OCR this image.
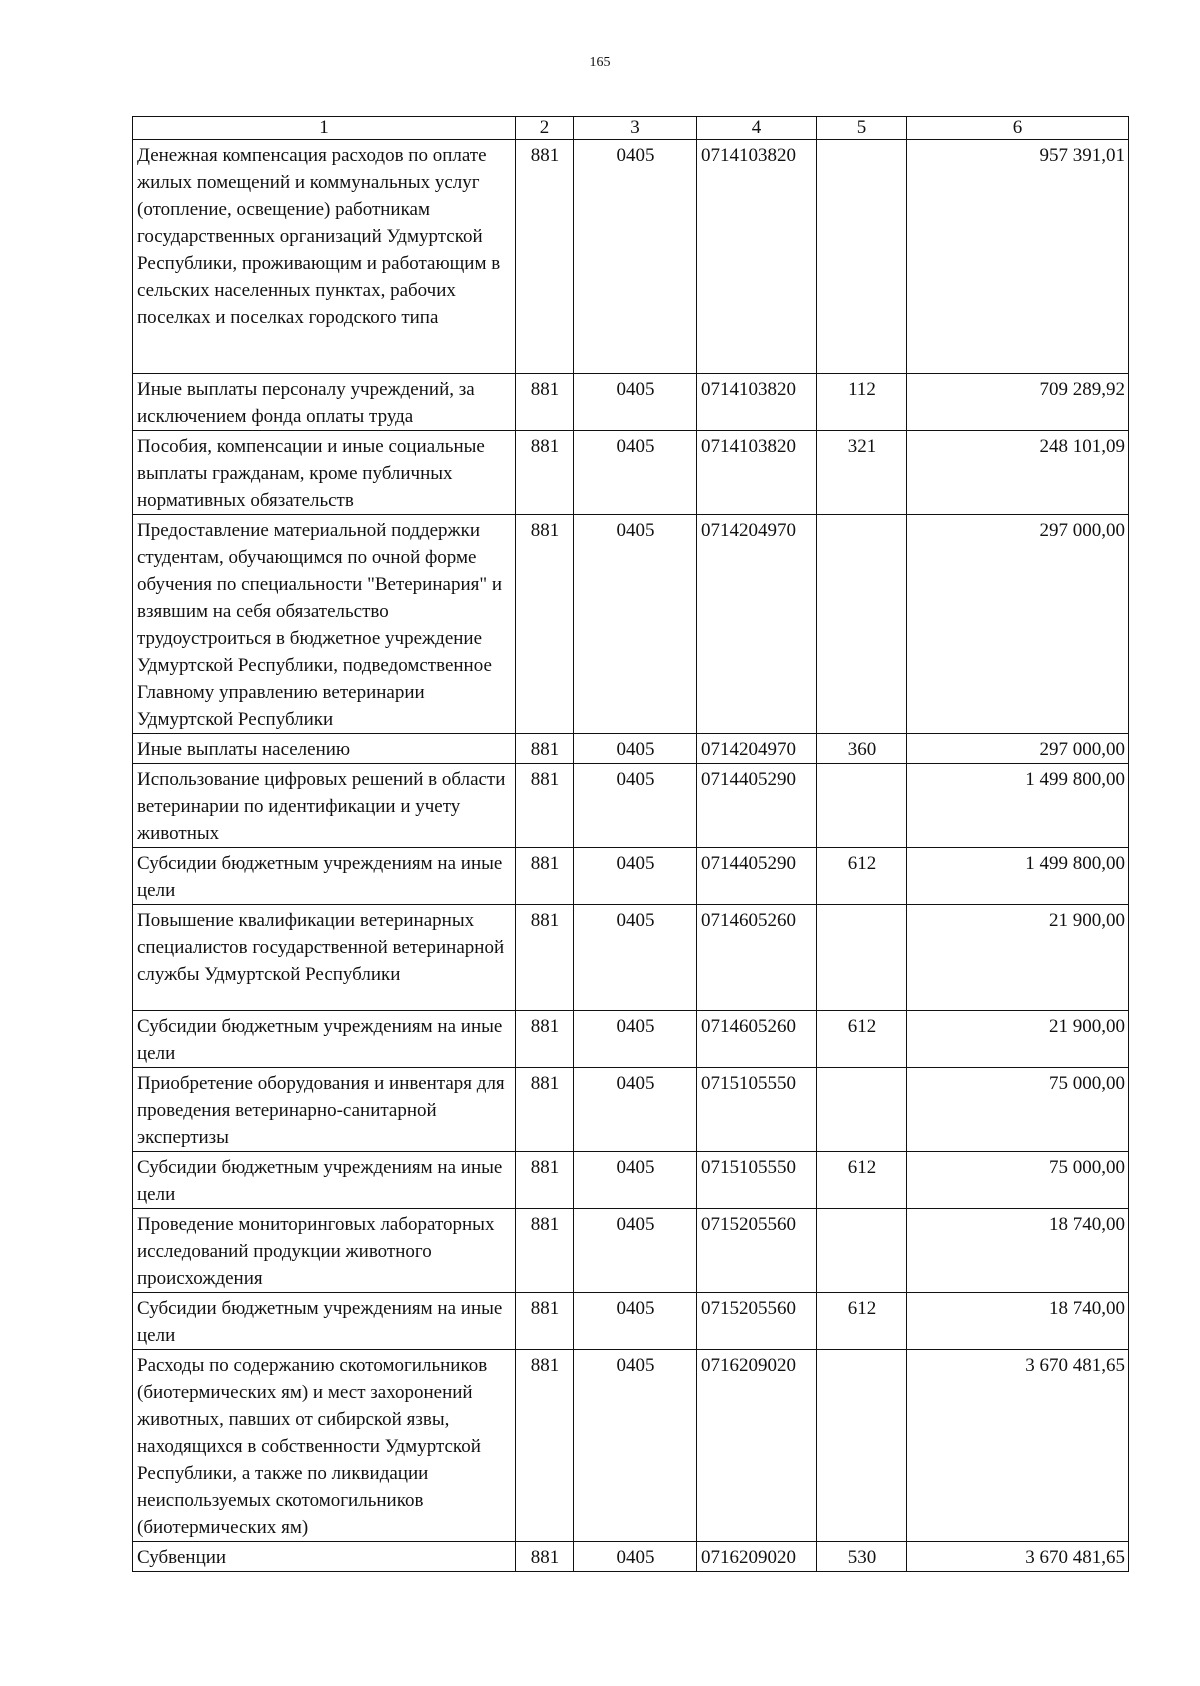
165
1	2	3	4	5	6
Денежная компенсация расходов по оплате жилых помещений и коммунальных услуг (отопление, освещение) работникам государственных организаций Удмуртской Республики, проживающим и работающим в сельских населенных пунктах, рабочих поселках и поселках городского типа	881	0405	0714103820		957 391,01
Иные выплаты персоналу учреждений, за исключением фонда оплаты труда	881	0405	0714103820	112	709 289,92
Пособия, компенсации и иные социальные выплаты гражданам, кроме публичных нормативных обязательств	881	0405	0714103820	321	248 101,09
Предоставление материальной поддержки студентам, обучающимся по очной форме обучения по специальности "Ветеринария" и взявшим на себя обязательство трудоустроиться в бюджетное учреждение Удмуртской Республики, подведомственное Главному управлению ветеринарии Удмуртской Республики	881	0405	0714204970		297 000,00
Иные выплаты населению	881	0405	0714204970	360	297 000,00
Использование цифровых решений в области ветеринарии по идентификации и учету животных	881	0405	0714405290		1 499 800,00
Субсидии бюджетным учреждениям на иные цели	881	0405	0714405290	612	1 499 800,00
Повышение квалификации ветеринарных специалистов государственной ветеринарной службы Удмуртской Республики	881	0405	0714605260		21 900,00
Субсидии бюджетным учреждениям на иные цели	881	0405	0714605260	612	21 900,00
Приобретение оборудования и инвентаря для проведения ветеринарно-санитарной экспертизы	881	0405	0715105550		75 000,00
Субсидии бюджетным учреждениям на иные цели	881	0405	0715105550	612	75 000,00
Проведение мониторинговых лабораторных исследований продукции животного происхождения	881	0405	0715205560		18 740,00
Субсидии бюджетным учреждениям на иные цели	881	0405	0715205560	612	18 740,00
Расходы по содержанию скотомогильников (биотермических ям) и мест захоронений животных, павших от сибирской язвы, находящихся в собственности Удмуртской Республики, а также по ликвидации неиспользуемых скотомогильников (биотермических ям)	881	0405	0716209020		3 670 481,65
Субвенции	881	0405	0716209020	530	3 670 481,65
